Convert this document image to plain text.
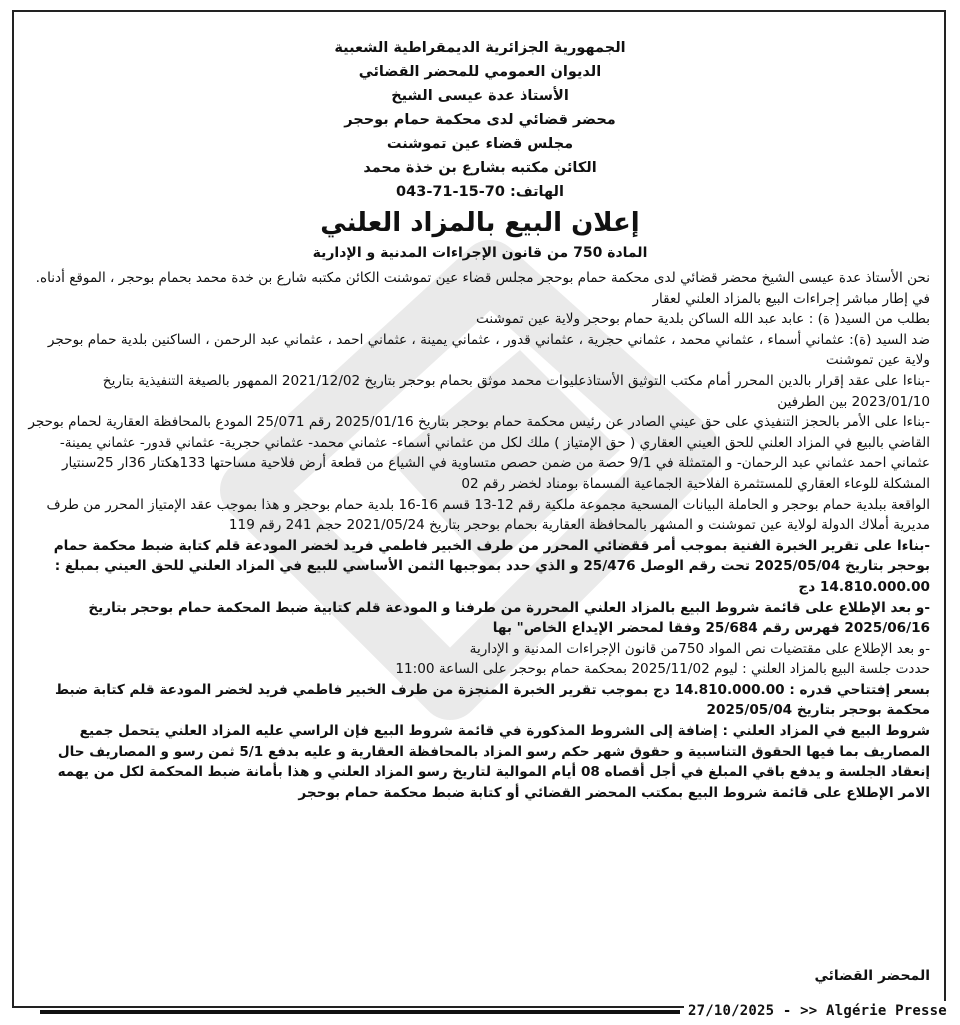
الجمهورية الجزائرية الديمقراطية الشعبية
الديوان العمومي للمحضر القضائي
الأستاذ عدة عيسى الشيخ
محضر قضائي لدى محكمة حمام بوحجر
مجلس قضاء عين تموشنت
الكائن مكتبه بشارع بن خذة محمد
الهاتف: 70-15-71-043
إعلان البيع بالمزاد العلني
المادة 750 من قانون الإجراءات المدنية و الإدارية

نحن الأستاذ عدة عيسى الشيخ محضر قضائي لدى محكمة حمام بوحجر مجلس قضاء عين تموشنت الكائن مكتبه شارع بن خدة محمد بحمام بوحجر ، الموقع أدناه.

في إطار مباشر إجراءات البيع بالمزاد العلني لعقار

بطلب من السيد( ة) : عابد عبد الله الساكن بلدية حمام بوحجر ولاية عين تموشنت

ضد السيد (ة): عثماني أسماء ، عثماني محمد ، عثماني حجرية ، عثماني قدور ، عثماني يمينة ، عثماني احمد ، عثماني عبد الرحمن ، الساكنين بلدية حمام بوحجر ولاية عين تموشنت

-بناءا على عقد إقرار بالدين المحرر أمام مكتب التوثيق الأستاذعليوات محمد موثق بحمام بوحجر بتاريخ 2021/12/02 الممهور بالصيغة التنفيذية بتاريخ 2023/01/10 بين الطرفين

-بناءا على الأمر بالحجز التنفيذي على حق عيني الصادر عن رئيس محكمة حمام بوحجر بتاريخ 2025/01/16 رقم 25/071 المودع بالمحافظة العقارية لحمام بوحجر القاضي بالبيع في المزاد العلني للحق العيني العقاري ( حق الإمتياز ) ملك لكل من عثماني أسماء- عثماني محمد- عثماني حجرية- عثماني قدور- عثماني يمينة- عثماني احمد عثماني عبد الرحمان- و المتمثلة في 9/1 حصة من ضمن حصص متساوية في الشياع من قطعة أرض فلاحية مساحتها 133هكتار 36ار 25سنتيار المشكلة للوعاء العقاري للمستثمرة الفلاحية الجماعية المسماة بومناد لخضر رقم 02

الواقعة ببلدية حمام بوحجر و الحاملة البيانات المسحية مجموعة ملكية رقم 12-13 قسم 16-16 بلدية حمام بوحجر و هذا بموجب عقد الإمتياز المحرر من طرف مديرية أملاك الدولة لولاية عين تموشنت و المشهر بالمحافظة العقارية بحمام بوحجر بتاريخ 2021/05/24 حجم 241 رقم 119

-بناءا على تقرير الخبرة الفنية بموجب أمر ققضائي المحرر من طرف الخبير فاطمي فريد لخضر المودعة قلم كتابة ضبط محكمة حمام بوحجر بتاريخ 2025/05/04 تحت رقم الوصل 25/476 و الذي حدد بموجبها الثمن الأساسي للبيع في المزاد العلني للحق العيني بمبلغ : 14.810.000.00 دج

-و بعد الإطلاع على قائمة شروط البيع بالمزاد العلني المحررة من طرفنا و المودعة قلم كتابية ضبط المحكمة حمام بوحجر بتاريخ 2025/06/16 فهرس رقم 25/684 وفقا لمحضر الإيداع الخاص" بها

-و بعد الإطلاع على مقتضيات نص المواد 750من قانون الإجراءات المدنية و الإدارية

حددت جلسة البيع بالمزاد العلني : ليوم 2025/11/02 بمحكمة حمام بوحجر على الساعة 11:00

بسعر إفتتاحي قدره : 14.810.000.00 دج بموجب تقرير الخبرة المنجزة من طرف الخبير فاطمي فريد لخضر المودعة قلم كتابة ضبط محكمة بوحجر بتاريخ 2025/05/04

شروط البيع في المزاد العلني : إضافة إلى الشروط المذكورة في قائمة شروط البيع فإن الراسي عليه المزاد العلني يتحمل جميع المصاريف بما فيها الحقوق التناسبية و حقوق شهر حكم رسو المزاد بالمحافظة العقارية و عليه بدفع 5/1 ثمن رسو و المصاريف حال إنعقاد الجلسة و يدفع باقي المبلغ في أجل أقصاه 08 أيام الموالية لتاريخ رسو المزاد العلني و هذا بأمانة ضبط المحكمة لكل من يهمه الامر الإطلاع على قائمة شروط البيع بمكتب المحضر القضائي أو كتابة ضبط محكمة حمام بوحجر

المحضر القضائي
27/10/2025 - >> Algérie Presse
